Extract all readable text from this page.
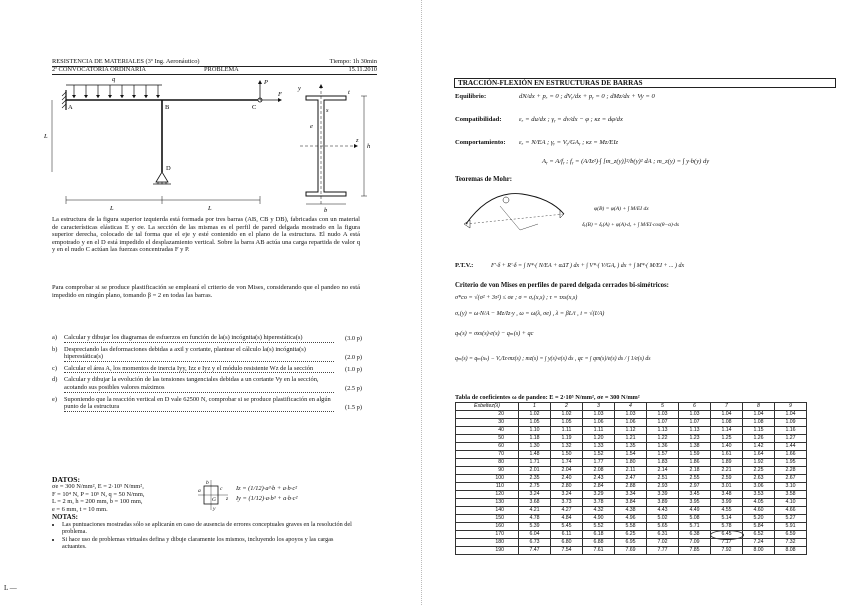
RESISTENCIA DE MATERIALES (3º Ing. Aeronáutico)	Tiempo: 1h 30min
2ª CONVOCATORIA ORDINARIA	PROBLEMA	15.11.2010
A
q
B	C
D
P
F
L	L
L
y
z
h
s
e
t
b
La estructura de la figura superior izquierda está formada por tres barras (AB, CB y DB), fabricadas con un material de características elásticas E y σe. La sección de las mismas es el perfil de pared delgada mostrado en la figura superior derecha, colocado de tal forma que el eje y esté contenido en el plano de la estructura. El nudo A está empotrado y en el D está impedido el desplazamiento vertical. Sobre la barra AB actúa una carga repartida de valor q y en el nudo C actúan las fuerzas concentradas F y P.
Para comprobar si se produce plastificación se empleará el criterio de von Mises, considerando que el pandeo no está impedido en ningún plano, tomando β = 2 en todas las barras.
a)	Calcular y dibujar los diagramas de esfuerzos en función de la(s) incógnita(s) hiperestática(s)	(3.0 p)
b)	Despreciando las deformaciones debidas a axil y cortante, plantear el cálculo la(s) incógnita(s) hiperestática(s)	(2.0 p)
c)	Calcular el área A, los momentos de inercia Iyy, Izz e Iyz y el módulo resistente Wz de la sección	(1.0 p)
d)	Calcular y dibujar la evolución de las tensiones tangenciales debidas a un cortante Vy en la sección, acotando sus posibles valores máximos	(2.5 p)
e)	Suponiendo que la reacción vertical en D vale 62500 N, comprobar si se produce plastificación en algún punto de la estructura	(1.5 p)
DATOS:
σe = 300 N/mm², E = 2·10⁵ N/mm²,
F = 10⁴ N, P = 10⁵ N, q = 50 N/mm,
L = 2 m, h = 200 mm, b = 100 mm,
e = 6 mm, t = 10 mm.
b
a	c
z
G
y
Iz = (1/12)·a³·b + a·b·c²
Iy = (1/12)·a·b³ + a·b·c²
NOTAS:
• Las puntuaciones mostradas sólo se aplicarán en caso de ausencia de errores conceptuales graves en la resolución del problema.
• Si hace uso de problemas virtuales defina y dibuje claramente los mismos, incluyendo los apoyos y las cargas actuantes.
L ―
TRACCIÓN-FLEXIÓN EN ESTRUCTURAS DE BARRAS
Equilibrio:	dN/dx + pₓ = 0 ; dVᵧ/dx + pᵧ = 0 ; dMz/dx + Vy = 0
Compatibilidad:	εₓ = du/dx ; γᵧ = dv/dx − φ ; κz = dφ/dx
Comportamiento: εₓ = N/EA ; γᵧ = Vᵧ/GAᵧ ; κz = Mz/EIz
Aᵧ = A/fᵧ ; fᵧ = (A/Iz²)·∫ [m_z(y)]²/b(y)² dA ; m_z(y) = ∫ y·b(y) dy
Teoremas de Mohr:
φ(B) = φ(A) + ∫ M/EI dx
δᵧ(B) = δᵧ(A) + φ(A)·dₓ + ∫ M/EI·cos(θ−α)·ds
P.T.V.:	F'·δ + R'·δ = ∫ N*·( N/EA + αΔT ) dx + ∫ V*·( V/GAᵧ ) dx + ∫ M*·( M/EI + ... ) dx
Criterio de von Mises en perfiles de pared delgada cerrados bi-simétricos:
σ*co = √(σ² + 3τ²) ≤ σe ; σ = σₓ(x,s) ; τ = τxs(x,s)
σₓ(y) = ω·N/A − Mz/Iz·y , ω = ω(λ, σe) , λ = βL/i , i = √(I/A)
qₛ(s) = σxs(s)·e(s) − qₘ(s) + qc
qₘ(s) = qₘ(xₛ) − Vᵧ/Iz·mz(s) ; mz(s) = ∫ y(s)·e(s) ds , qc = ∫ qm(s)/e(s) ds / ∫ 1/e(s) ds
Tabla de coeficientes ω de pandeo: E = 2·10⁵ N/mm², σe = 300 N/mm²
Esbeltez(λ)	1	2	3	4	5	6	7	8	9
20	1.02	1.02	1.03	1.03	1.03	1.03	1.04	1.04	1.04
30	1.05	1.05	1.06	1.06	1.07	1.07	1.08	1.08	1.09
40	1.10	1.11	1.11	1.12	1.13	1.13	1.14	1.15	1.16
50	1.18	1.19	1.20	1.21	1.22	1.23	1.25	1.26	1.27
60	1.30	1.32	1.33	1.35	1.36	1.38	1.40	1.42	1.44
70	1.48	1.50	1.52	1.54	1.57	1.59	1.61	1.64	1.66
80	1.71	1.74	1.77	1.80	1.83	1.86	1.89	1.92	1.95
90	2.01	2.04	2.08	2.11	2.14	2.18	2.21	2.25	2.28
100	2.35	2.40	2.43	2.47	2.51	2.55	2.59	2.63	2.67
110	2.75	2.80	2.84	2.88	2.93	2.97	3.01	3.06	3.10
120	3.24	3.24	3.29	3.34	3.39	3.45	3.48	3.53	3.58
130	3.68	3.73	3.78	3.84	3.89	3.95	3.99	4.05	4.10
140	4.21	4.27	4.32	4.38	4.43	4.49	4.55	4.60	4.66
150	4.78	4.84	4.90	4.96	5.02	5.08	5.14	5.20	5.27
160	5.39	5.45	5.52	5.58	5.65	5.71	5.78	5.84	5.91
170	6.04	6.11	6.18	6.25	6.31	6.38	6.45	6.52	6.59
180	6.73	6.80	6.88	6.95	7.02	7.09	7.17	7.24	7.32
190	7.47	7.54	7.61	7.69	7.77	7.85	7.92	8.00	8.08
